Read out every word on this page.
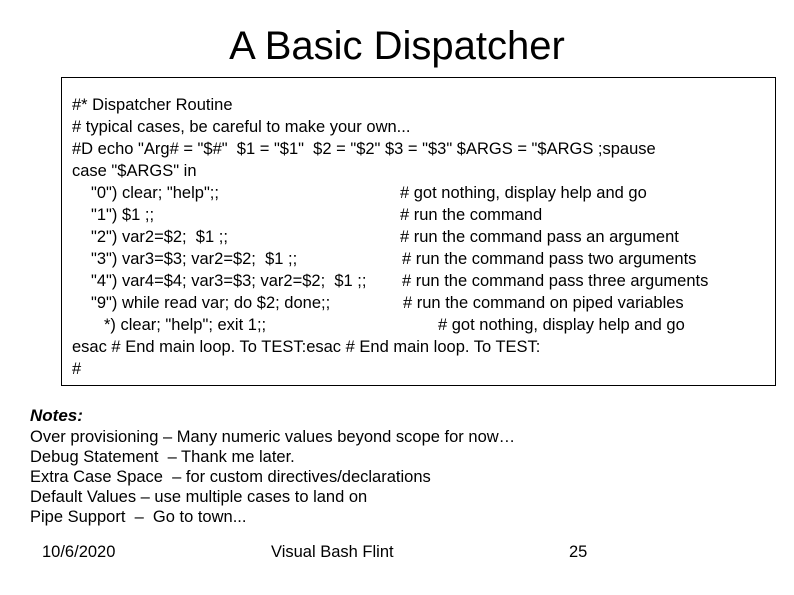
A Basic Dispatcher
#* Dispatcher Routine
# typical cases, be careful to make your own...
#D echo "Arg# = "$#"  $1 = "$1"  $2 = "$2" $3 = "$3" $ARGS = "$ARGS ;spause
case "$ARGS" in
"0") clear; "help";;	# got nothing, display help and go
"1") $1 ;;	# run the command
"2") var2=$2;  $1 ;;	# run the command pass an argument
"3") var3=$3; var2=$2;  $1 ;;	# run the command pass two arguments
"4") var4=$4; var3=$3; var2=$2;  $1 ;; # run the command pass three arguments
"9") while read var; do $2; done;;	# run the command on piped variables
*) clear; "help"; exit 1;;	# got nothing, display help and go
esac # End main loop. To TEST:esac # End main loop. To TEST:
#
Notes:
Over provisioning – Many numeric values beyond scope for now…
Debug Statement  – Thank me later.
Extra Case Space  – for custom directives/declarations
Default Values – use multiple cases to land on
Pipe Support  –  Go to town...
10/6/2020	Visual Bash Flint	25
